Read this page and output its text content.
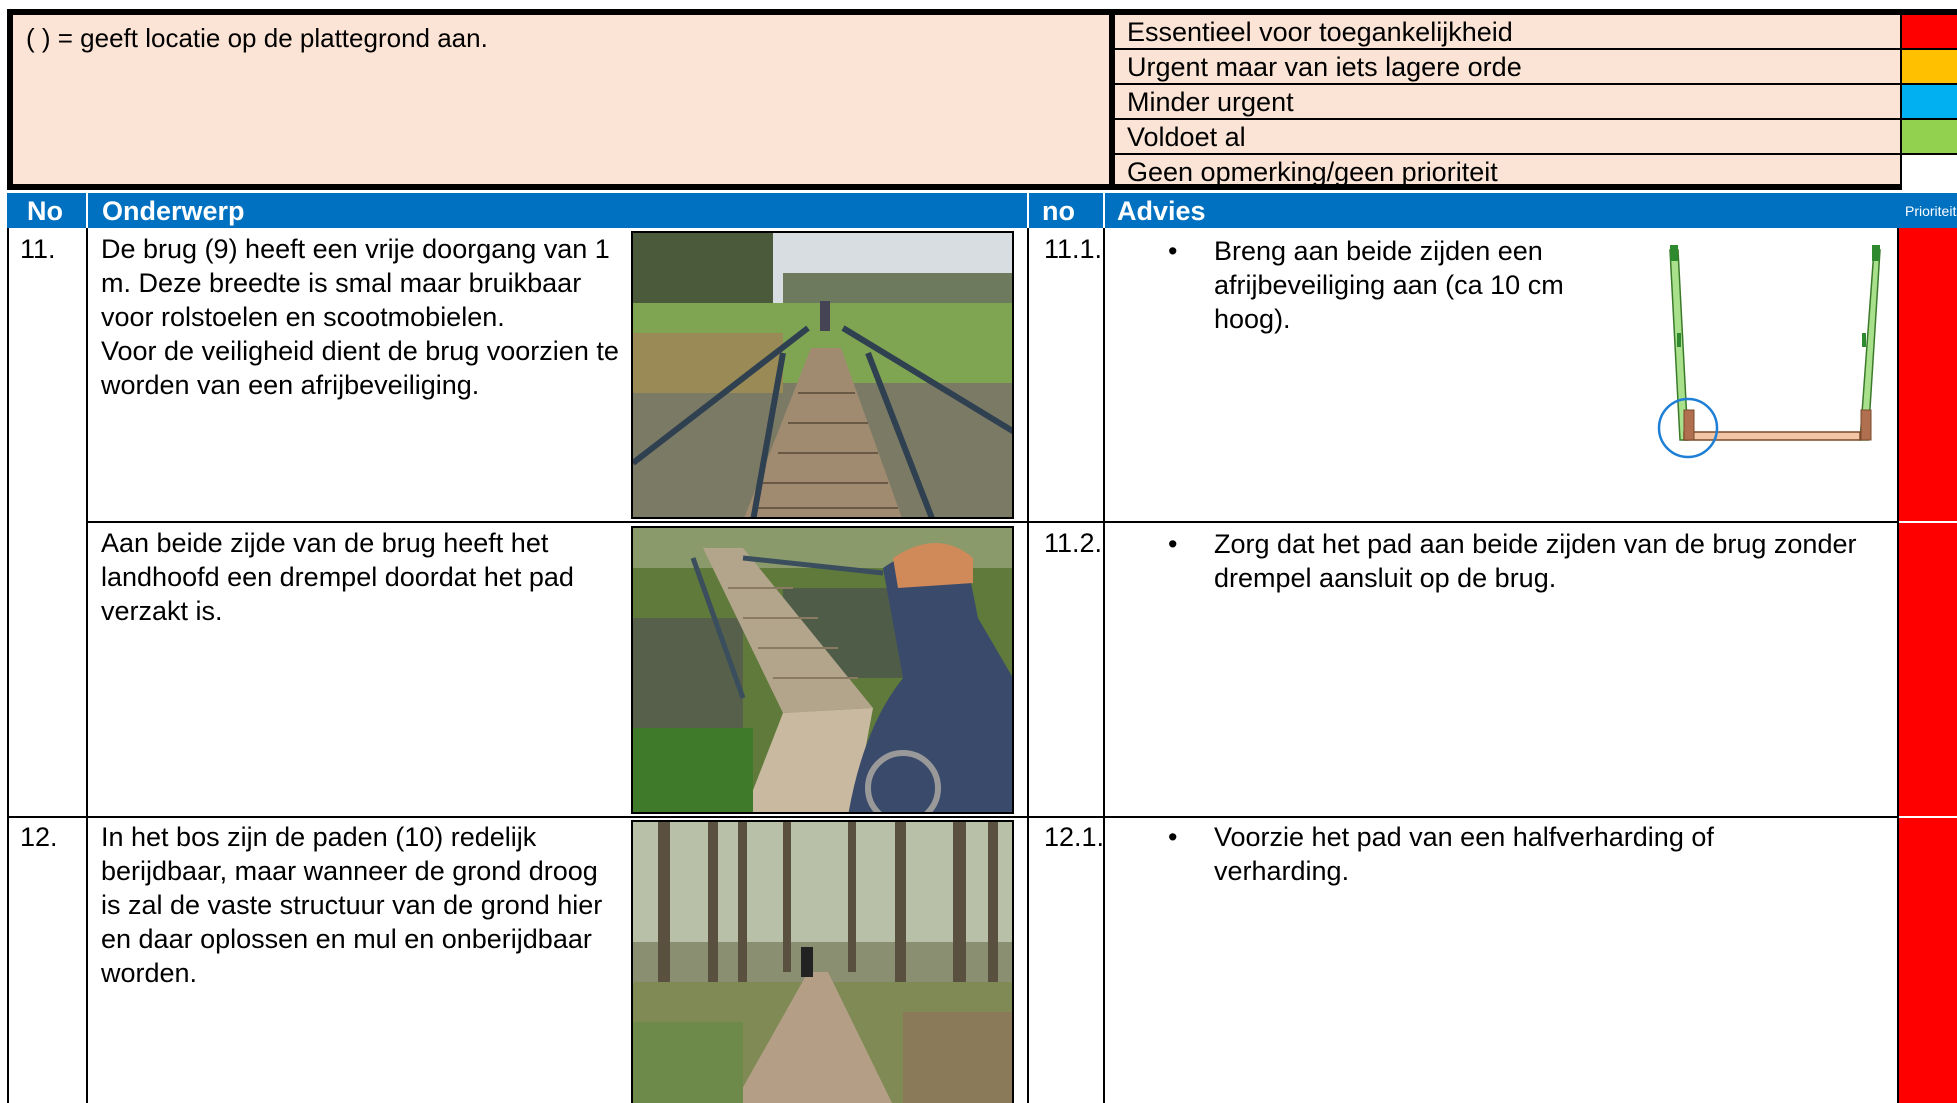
( ) = geeft locatie op de plattegrond aan.	Essentieel voor toegankelijkheid
Urgent maar van iets lagere orde
Minder urgent
Voldoet al
Geen opmerking/geen prioriteit
No Onderwerp	no Advies	Prioriteit
11. De brug (9) heeft een vrije doorgang van 1 m. Deze breedte is smal maar bruikbaar voor rolstoelen en scootmobielen.
Voor de veiligheid dient de brug voorzien te worden van een afrijbeveiliging.
11.1.	• Breng aan beide zijden een afrijbeveiliging aan (ca 10 cm hoog).
Aan beide zijde van de brug heeft het landhoofd een drempel doordat het pad verzakt is.
11.2.	• Zorg dat het pad aan beide zijden van de brug zonder drempel aansluit op de brug.
12. In het bos zijn de paden (10) redelijk berijdbaar, maar wanneer de grond droog is zal de vaste structuur van de grond hier en daar oplossen en mul en onberijdbaar worden.
12.1.	• Voorzie het pad van een halfverharding of verharding.
